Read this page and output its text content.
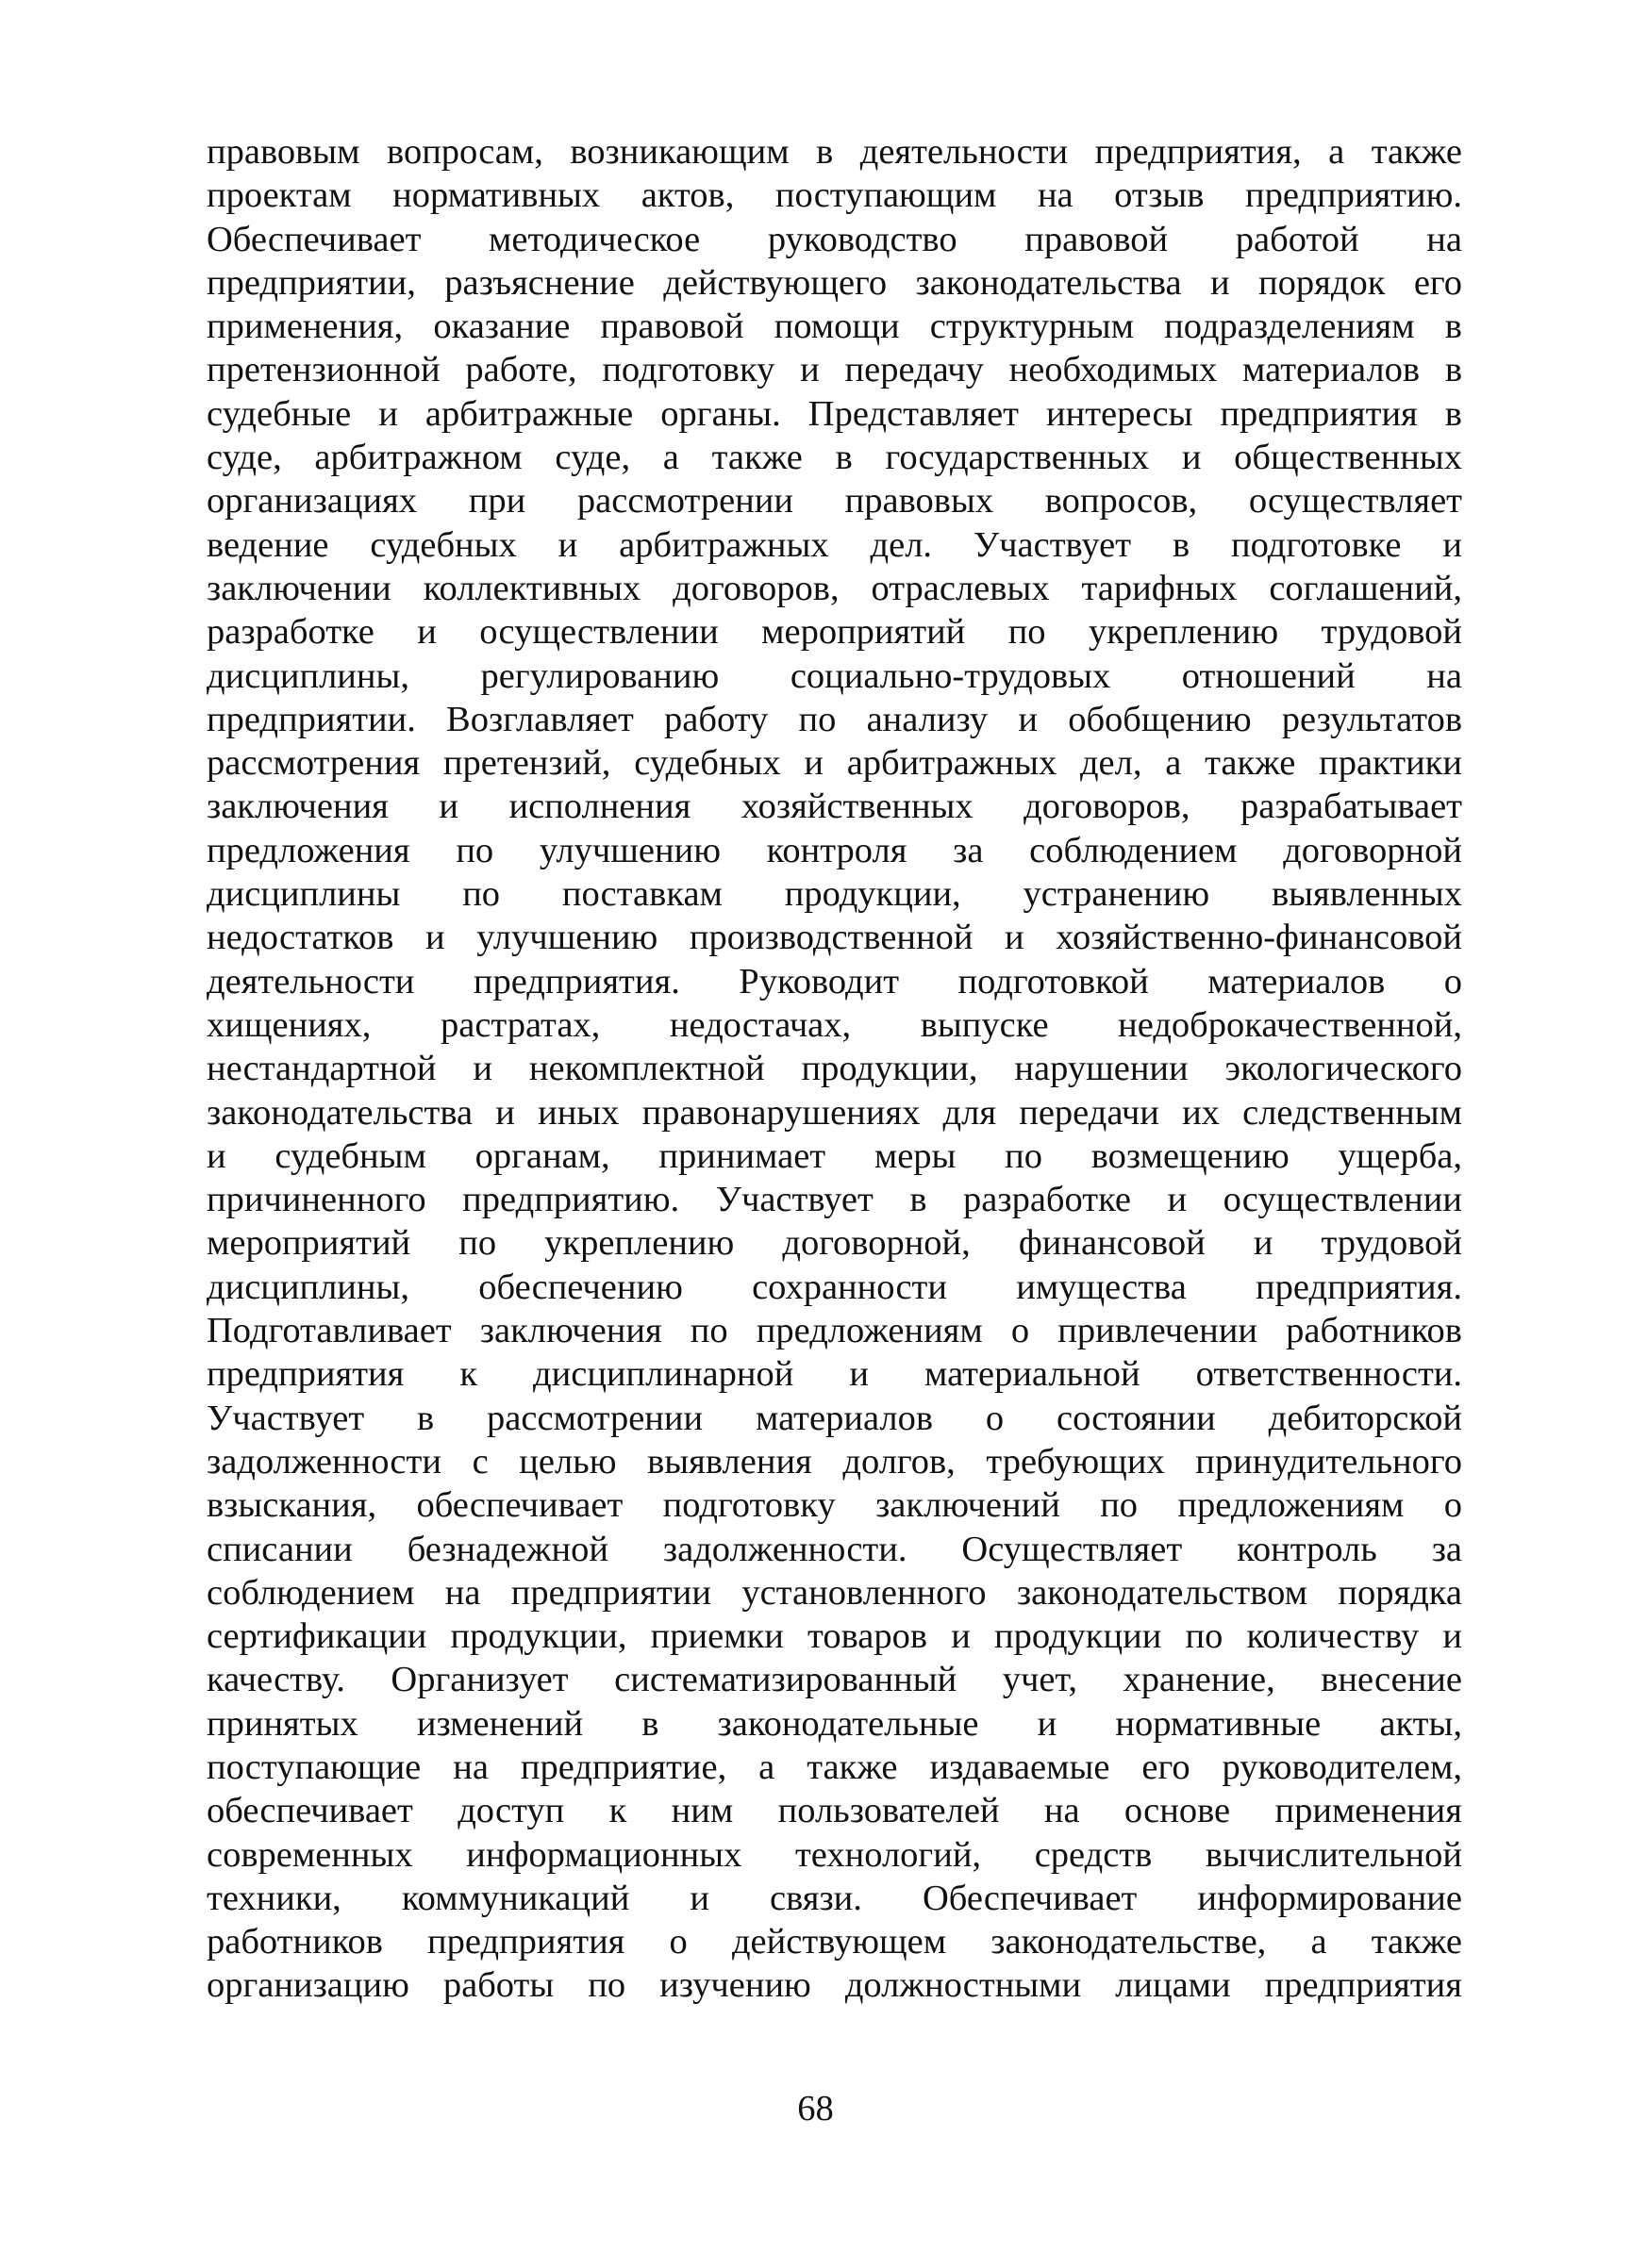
правовым вопросам, возникающим в деятельности предприятия, а также
проектам нормативных актов, поступающим на отзыв предприятию.
Обеспечивает методическое руководство правовой работой на
предприятии, разъяснение действующего законодательства и порядок его
применения, оказание правовой помощи структурным подразделениям в
претензионной работе, подготовку и передачу необходимых материалов в
судебные и арбитражные органы. Представляет интересы предприятия в
суде, арбитражном суде, а также в государственных и общественных
организациях при рассмотрении правовых вопросов, осуществляет
ведение судебных и арбитражных дел. Участвует в подготовке и
заключении коллективных договоров, отраслевых тарифных соглашений,
разработке и осуществлении мероприятий по укреплению трудовой
дисциплины, регулированию социально-трудовых отношений на
предприятии. Возглавляет работу по анализу и обобщению результатов
рассмотрения претензий, судебных и арбитражных дел, а также практики
заключения и исполнения хозяйственных договоров, разрабатывает
предложения по улучшению контроля за соблюдением договорной
дисциплины по поставкам продукции, устранению выявленных
недостатков и улучшению производственной и хозяйственно-финансовой
деятельности предприятия. Руководит подготовкой материалов о
хищениях, растратах, недостачах, выпуске недоброкачественной,
нестандартной и некомплектной продукции, нарушении экологического
законодательства и иных правонарушениях для передачи их следственным
и судебным органам, принимает меры по возмещению ущерба,
причиненного предприятию. Участвует в разработке и осуществлении
мероприятий по укреплению договорной, финансовой и трудовой
дисциплины, обеспечению сохранности имущества предприятия.
Подготавливает заключения по предложениям о привлечении работников
предприятия к дисциплинарной и материальной ответственности.
Участвует в рассмотрении материалов о состоянии дебиторской
задолженности с целью выявления долгов, требующих принудительного
взыскания, обеспечивает подготовку заключений по предложениям о
списании безнадежной задолженности. Осуществляет контроль за
соблюдением на предприятии установленного законодательством порядка
сертификации продукции, приемки товаров и продукции по количеству и
качеству. Организует систематизированный учет, хранение, внесение
принятых изменений в законодательные и нормативные акты,
поступающие на предприятие, а также издаваемые его руководителем,
обеспечивает доступ к ним пользователей на основе применения
современных информационных технологий, средств вычислительной
техники, коммуникаций и связи. Обеспечивает информирование
работников предприятия о действующем законодательстве, а также
организацию работы по изучению должностными лицами предприятия

68
